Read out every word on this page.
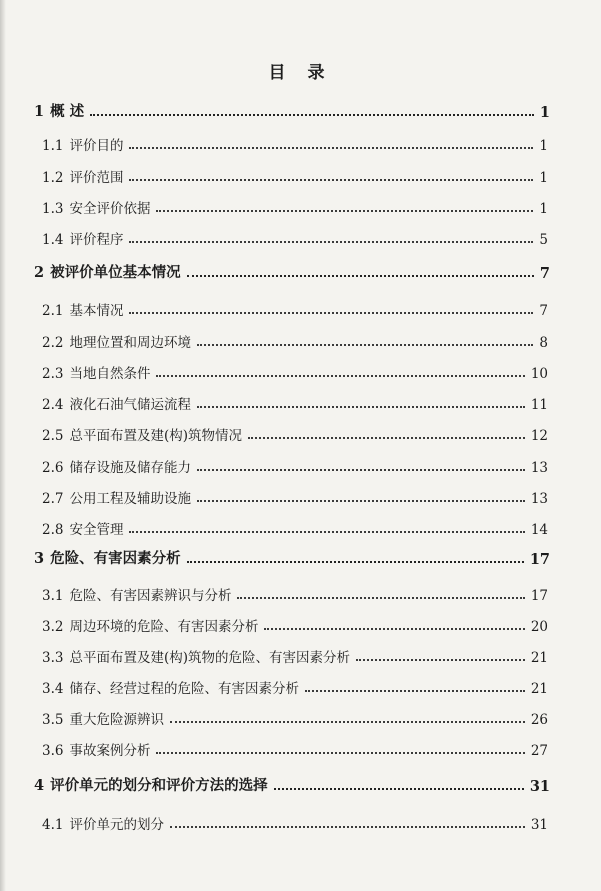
目 录
1 概 述	1
1.1 评价目的	1
1.2 评价范围	1
1.3 安全评价依据	1
1.4 评价程序	5
2 被评价单位基本情况	7
2.1 基本情况	7
2.2 地理位置和周边环境	8
2.3 当地自然条件	10
2.4 液化石油气储运流程	11
2.5 总平面布置及建(构)筑物情况	12
2.6 储存设施及储存能力	13
2.7 公用工程及辅助设施	13
2.8 安全管理	14
3 危险、有害因素分析	17
3.1 危险、有害因素辨识与分析	17
3.2 周边环境的危险、有害因素分析	20
3.3 总平面布置及建(构)筑物的危险、有害因素分析	21
3.4 储存、经营过程的危险、有害因素分析	21
3.5 重大危险源辨识	26
3.6 事故案例分析	27
4 评价单元的划分和评价方法的选择	31
4.1 评价单元的划分	31
